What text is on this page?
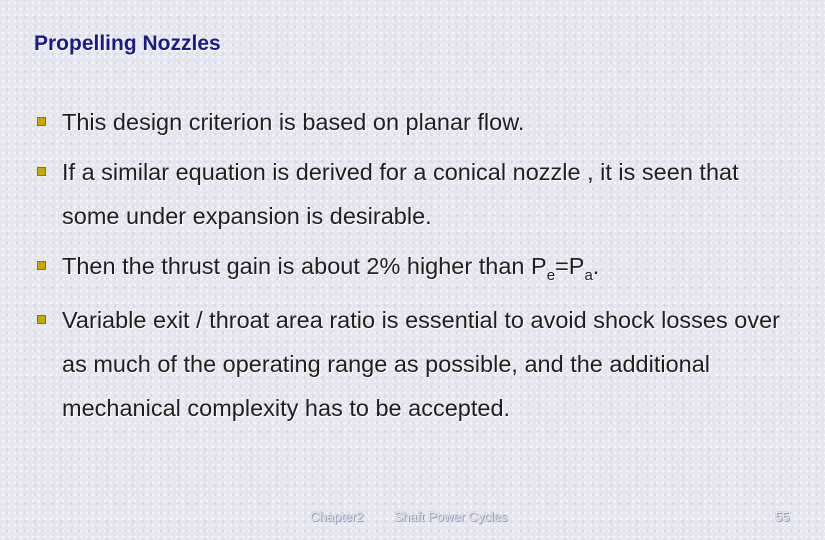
Propelling Nozzles
This design criterion is based on planar flow.
If a similar equation is derived for a conical nozzle , it is seen that some under expansion is desirable.
Then the thrust gain is about 2% higher than $P_e=P_a$.
Variable exit / throat area ratio is essential to avoid shock losses over as much of the operating range as possible, and the additional mechanical complexity has to be accepted.
Chapter2 Shaft Power Cycles	55
